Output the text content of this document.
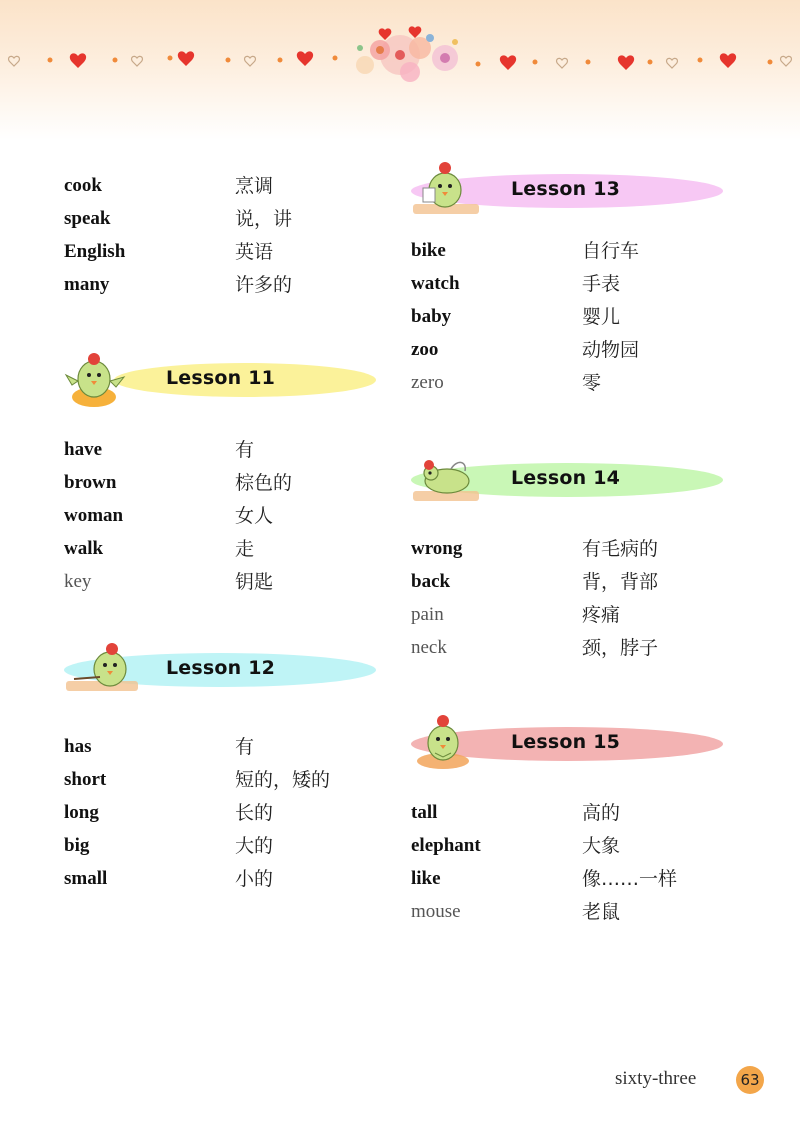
cook	烹调
speak	说，讲
English	英语
many	许多的
Lesson 11
have	有
brown	棕色的
woman	女人
walk	走
key	钥匙
Lesson 12
has	有
short	短的，矮的
long	长的
big	大的
small	小的
Lesson 13
bike	自行车
watch	手表
baby	婴儿
zoo	动物园
zero	零
Lesson 14
wrong	有毛病的
back	背，背部
pain	疼痛
neck	颈，脖子
Lesson 15
tall	高的
elephant	大象
like	像……一样
mouse	老鼠
sixty-three	63
